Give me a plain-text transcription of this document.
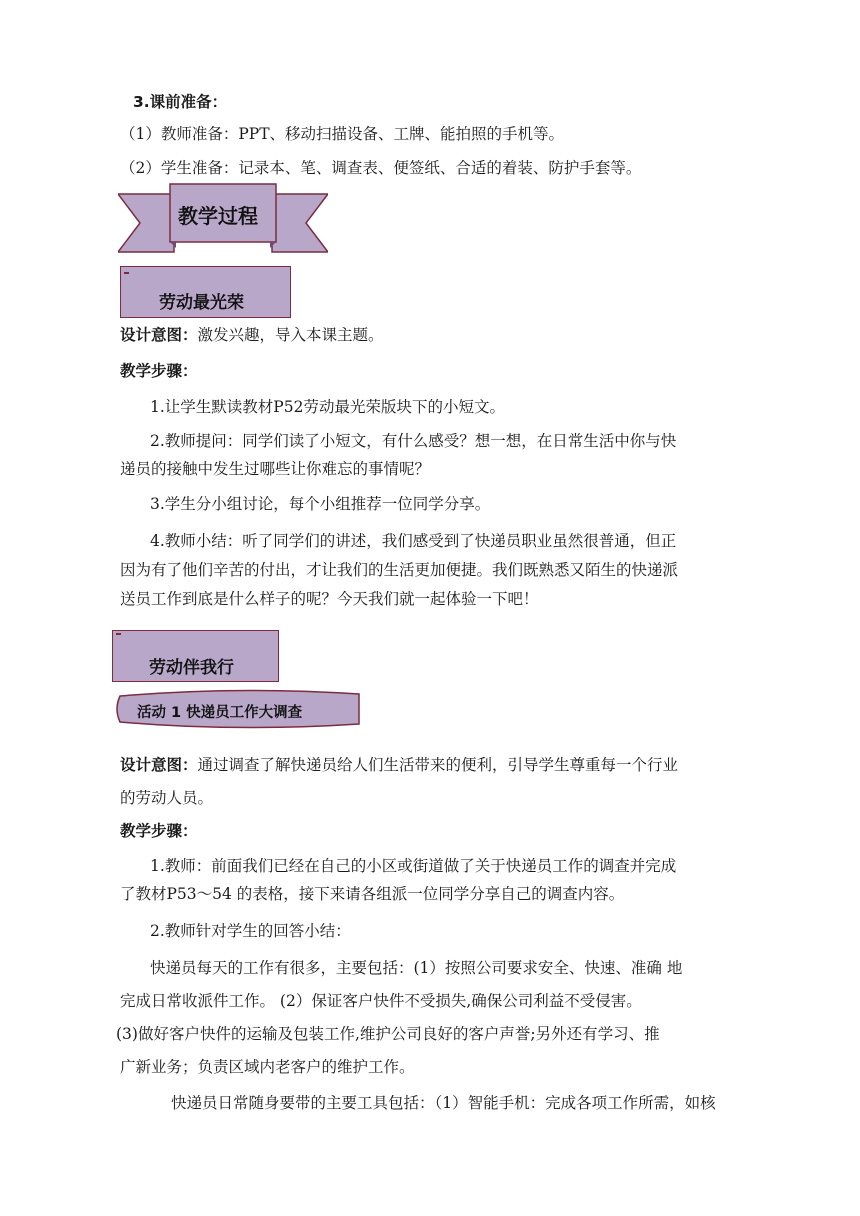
3.课前准备：
（1）教师准备：PPT、移动扫描设备、工牌、能拍照的手机等。
（2）学生准备：记录本、笔、调查表、便签纸、合适的着装、防护手套等。
教学过程
劳动最光荣
设计意图：激发兴趣，导入本课主题。
教学步骤：
1.让学生默读教材P52劳动最光荣版块下的小短文。
2.教师提问：同学们读了小短文，有什么感受？想一想，在日常生活中你与快
递员的接触中发生过哪些让你难忘的事情呢？
3.学生分小组讨论，每个小组推荐一位同学分享。
4.教师小结：听了同学们的讲述，我们感受到了快递员职业虽然很普通，但正
因为有了他们辛苦的付出，才让我们的生活更加便捷。我们既熟悉又陌生的快递派
送员工作到底是什么样子的呢？今天我们就一起体验一下吧！
劳动伴我行
活动 1 快递员工作大调查
设计意图：通过调查了解快递员给人们生活带来的便利，引导学生尊重每一个行业
的劳动人员。
教学步骤：
1.教师：前面我们已经在自己的小区或街道做了关于快递员工作的调查并完成
了教材P53～54 的表格，接下来请各组派一位同学分享自己的调查内容。
2.教师针对学生的回答小结：
快递员每天的工作有很多，主要包括：(1）按照公司要求安全、快速、准确 地
完成日常收派件工作。 (2）保证客户快件不受损失,确保公司利益不受侵害。
(3)做好客户快件的运输及包装工作,维护公司良好的客户声誉;另外还有学习、推
广新业务；负责区域内老客户的维护工作。
快递员日常随身要带的主要工具包括：（1）智能手机：完成各项工作所需，如核
